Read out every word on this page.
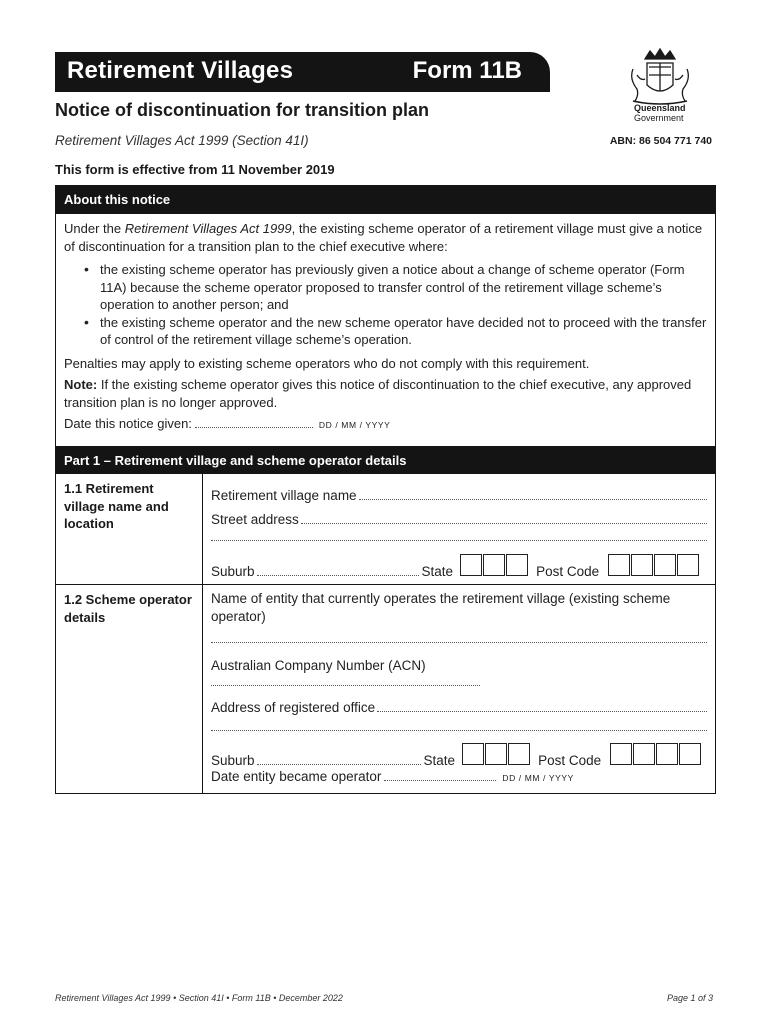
Retirement Villages	Form 11B
Queensland
Government
Notice of discontinuation for transition plan
Retirement Villages Act 1999 (Section 41I)	ABN: 86 504 771 740
This form is effective from 11 November 2019
About this notice

Under the Retirement Villages Act 1999, the existing scheme operator of a retirement village must give a notice of discontinuation for a transition plan to the chief executive where:

• the existing scheme operator has previously given a notice about a change of scheme operator (Form 11A) because the scheme operator proposed to transfer control of the retirement village scheme’s operation to another person; and
• the existing scheme operator and the new scheme operator have decided not to proceed with the transfer of control of the retirement village scheme’s operation.

Penalties may apply to existing scheme operators who do not comply with this requirement.

Note: If the existing scheme operator gives this notice of discontinuation to the chief executive, any approved transition plan is no longer approved.

Date this notice given:	DD / MM / YYYY
Part 1 – Retirement village and scheme operator details
1.1 Retirement village name and location
Retirement village name
Street address
Suburb	State	Post Code
1.2 Scheme operator details
Name of entity that currently operates the retirement village (existing scheme operator)
Australian Company Number (ACN)
Address of registered office
Suburb	State	Post Code
Date entity became operator	DD / MM / YYYY
Retirement Villages Act 1999 • Section 41I • Form 11B • December 2022	Page 1 of 3
